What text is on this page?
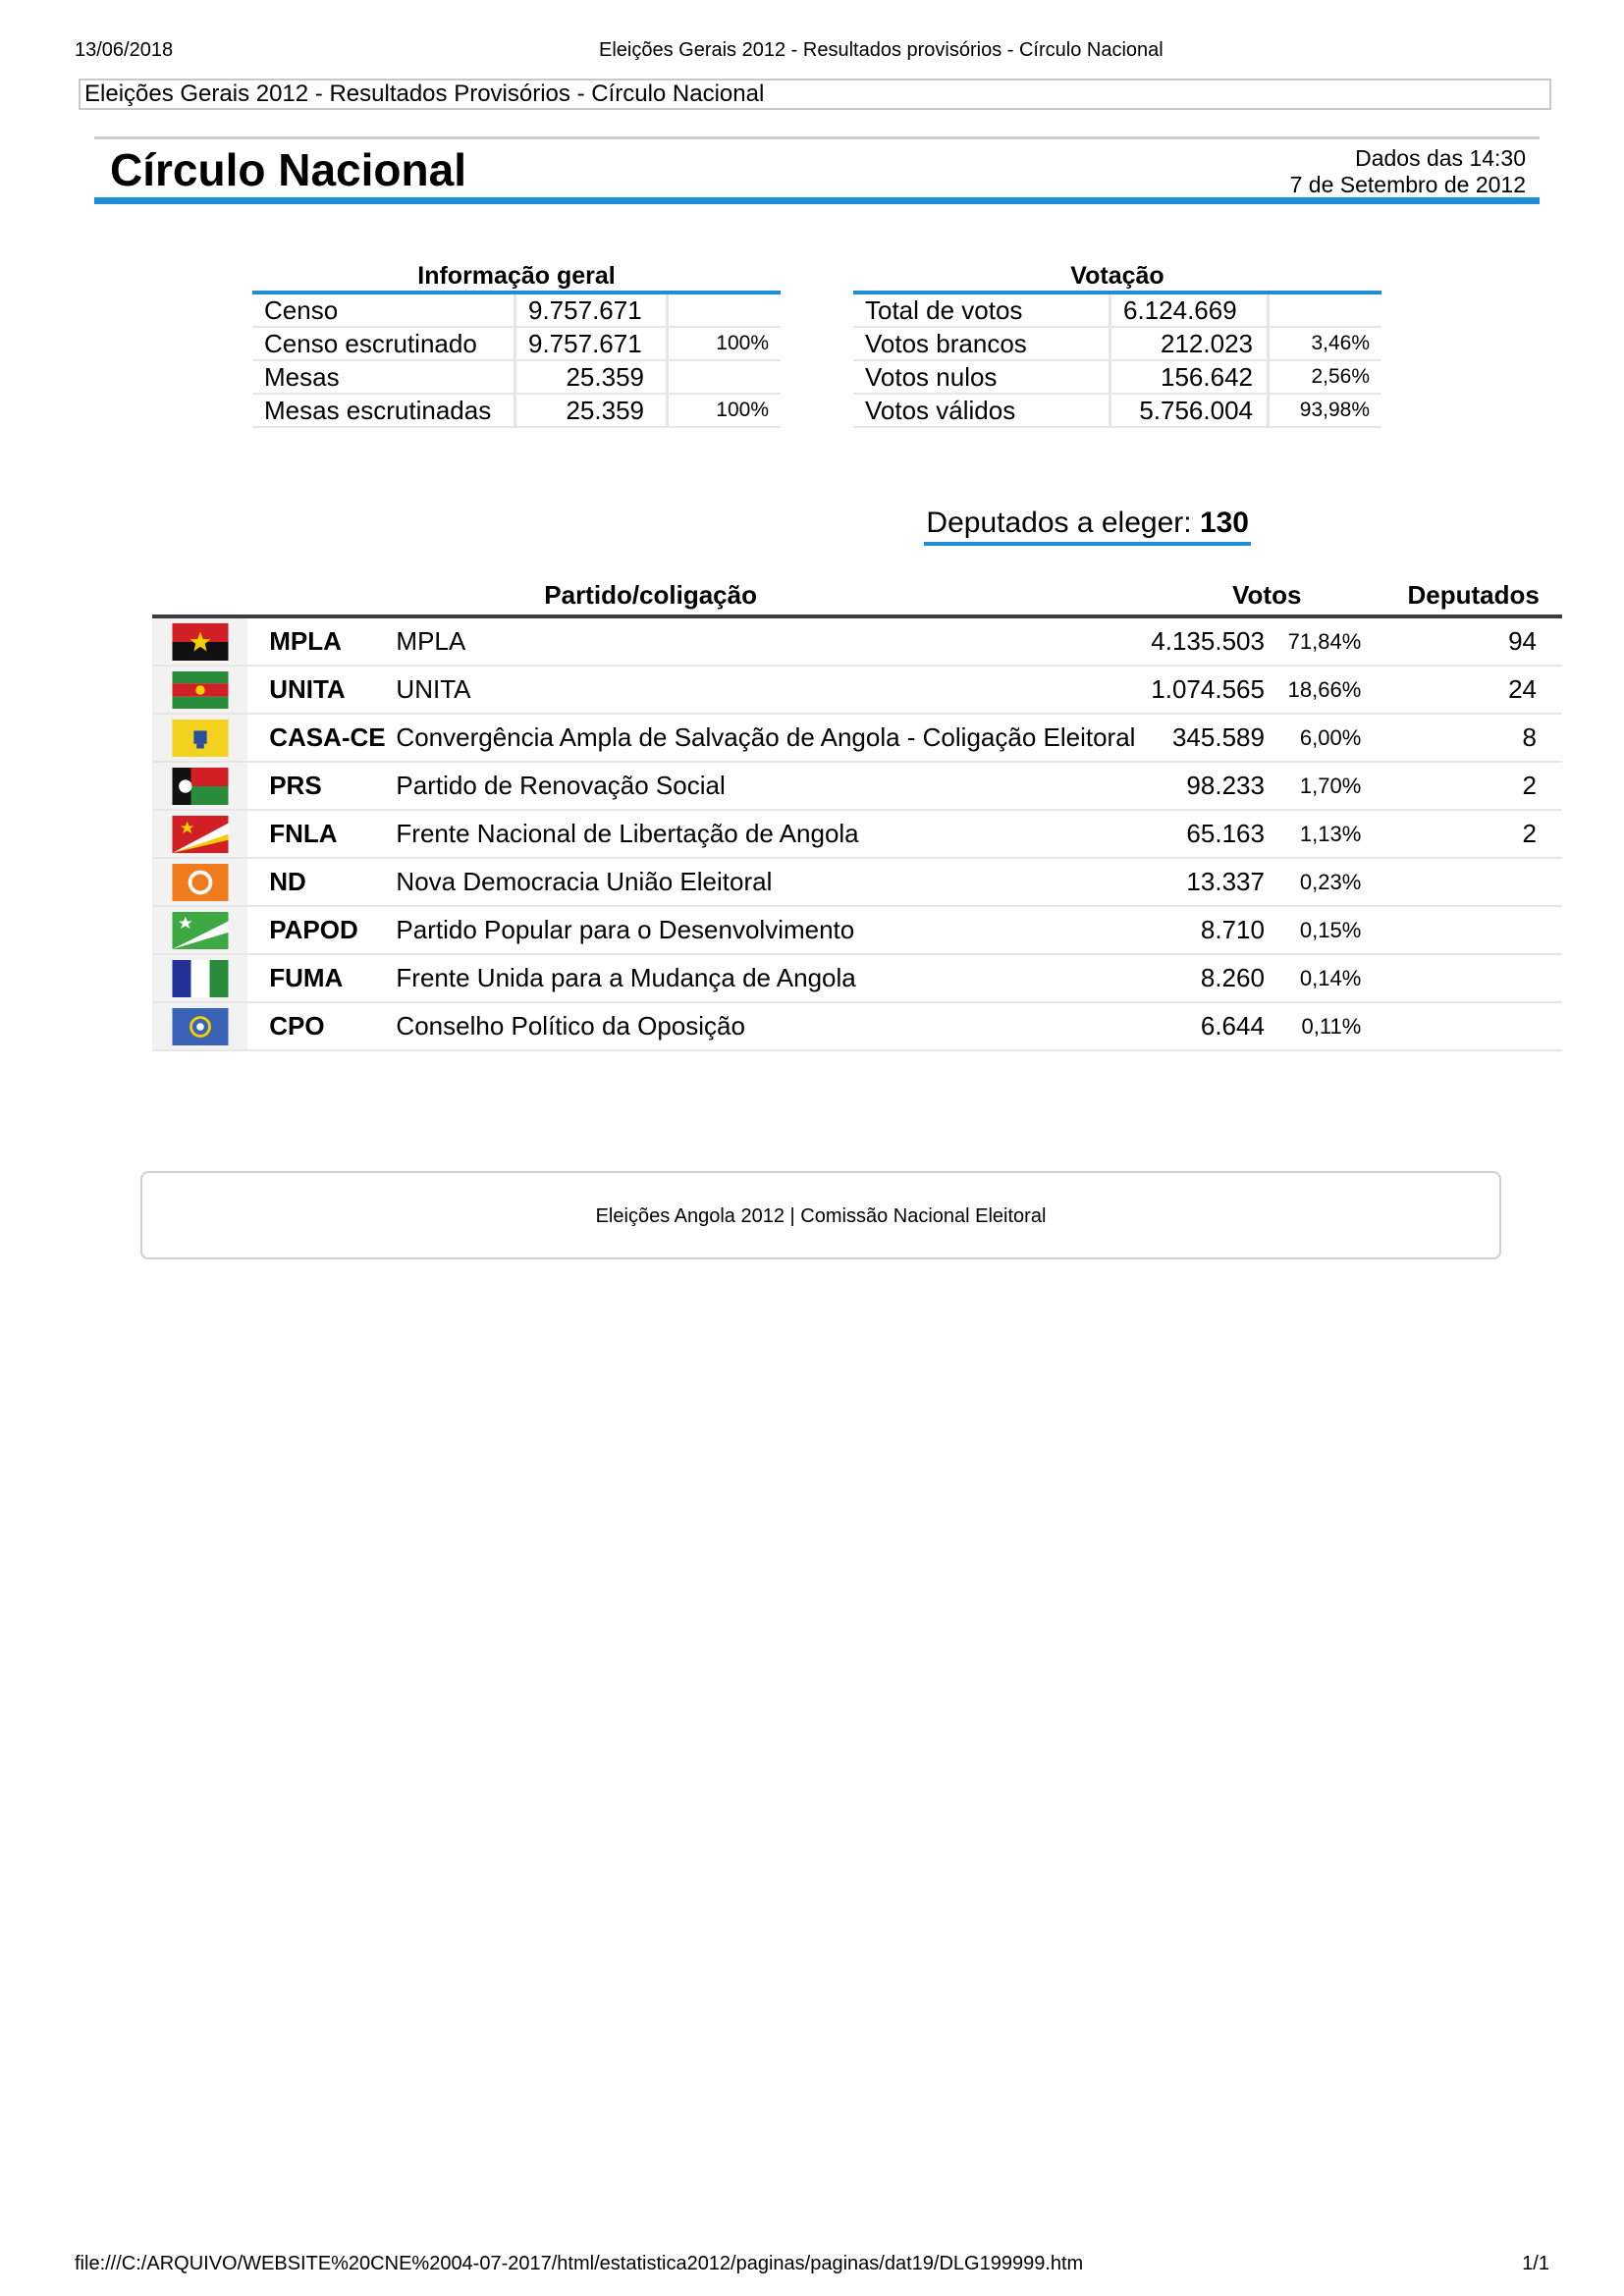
13/06/2018	Eleições Gerais 2012 - Resultados provisórios - Círculo Nacional
Eleições Gerais 2012 - Resultados Provisórios - Círculo Nacional
Círculo Nacional	Dados das 14:30
7 de Setembro de 2012
Informação geral		
Censo	9.757.671	
Censo escrutinado	9.757.671	100%
Mesas	25.359	
Mesas escrutinadas	25.359	100%
Votação		
Total de votos	6.124.669	
Votos brancos	212.023	3,46%
Votos nulos	156.642	2,56%
Votos válidos	5.756.004	93,98%
Deputados a eleger: 130
Partido/coligação			Votos		Deputados
	MPLA	MPLA	4.135.503	71,84%	94
	UNITA	UNITA	1.074.565	18,66%	24
	CASA-CE	Convergência Ampla de Salvação de Angola - Coligação Eleitoral	345.589	6,00%	8
	PRS	Partido de Renovação Social	98.233	1,70%	2
	FNLA	Frente Nacional de Libertação de Angola	65.163	1,13%	2
	ND	Nova Democracia União Eleitoral	13.337	0,23%	
	PAPOD	Partido Popular para o Desenvolvimento	8.710	0,15%	
	FUMA	Frente Unida para a Mudança de Angola	8.260	0,14%	
	CPO	Conselho Político da Oposição	6.644	0,11%	
Eleições Angola 2012 | Comissão Nacional Eleitoral
file:///C:/ARQUIVO/WEBSITE%20CNE%2004-07-2017/html/estatistica2012/paginas/paginas/dat19/DLG199999.htm	1/1
